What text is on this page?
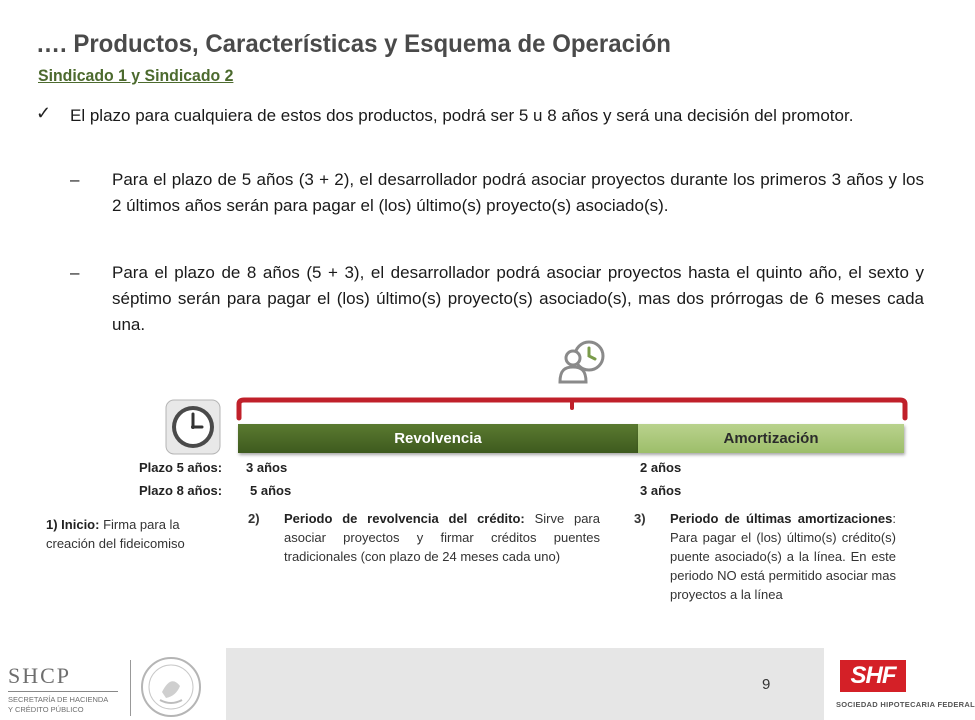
…. Productos, Características y Esquema de Operación
Sindicado 1 y Sindicado 2
✓ El plazo para cualquiera de estos dos productos, podrá ser 5 u 8 años y será una decisión del promotor.
– Para el plazo de 5 años (3 + 2), el desarrollador podrá asociar proyectos durante los primeros 3 años y los 2 últimos años serán para pagar el (los) último(s) proyecto(s) asociado(s).
– Para el plazo de 8 años (5 + 3), el desarrollador podrá asociar proyectos hasta el quinto año, el sexto y séptimo serán para pagar el (los) último(s) proyecto(s) asociado(s), mas dos prórrogas de 6 meses cada una.
Revolvencia	Amortización
Plazo 5 años: 3 años	2 años
Plazo 8 años: 5 años	3 años
1) Inicio: Firma para la creación del fideicomiso
2) Periodo de revolvencia del crédito: Sirve para asociar proyectos y firmar créditos puentes tradicionales (con plazo de 24 meses cada uno)
3) Periodo de últimas amortizaciones: Para pagar el (los) último(s) crédito(s) puente asociado(s) a la línea. En este periodo NO está permitido asociar mas proyectos a la línea
9
SHCP
SECRETARÍA DE HACIENDA
Y CRÉDITO PÚBLICO
SHF
SOCIEDAD HIPOTECARIA FEDERAL
